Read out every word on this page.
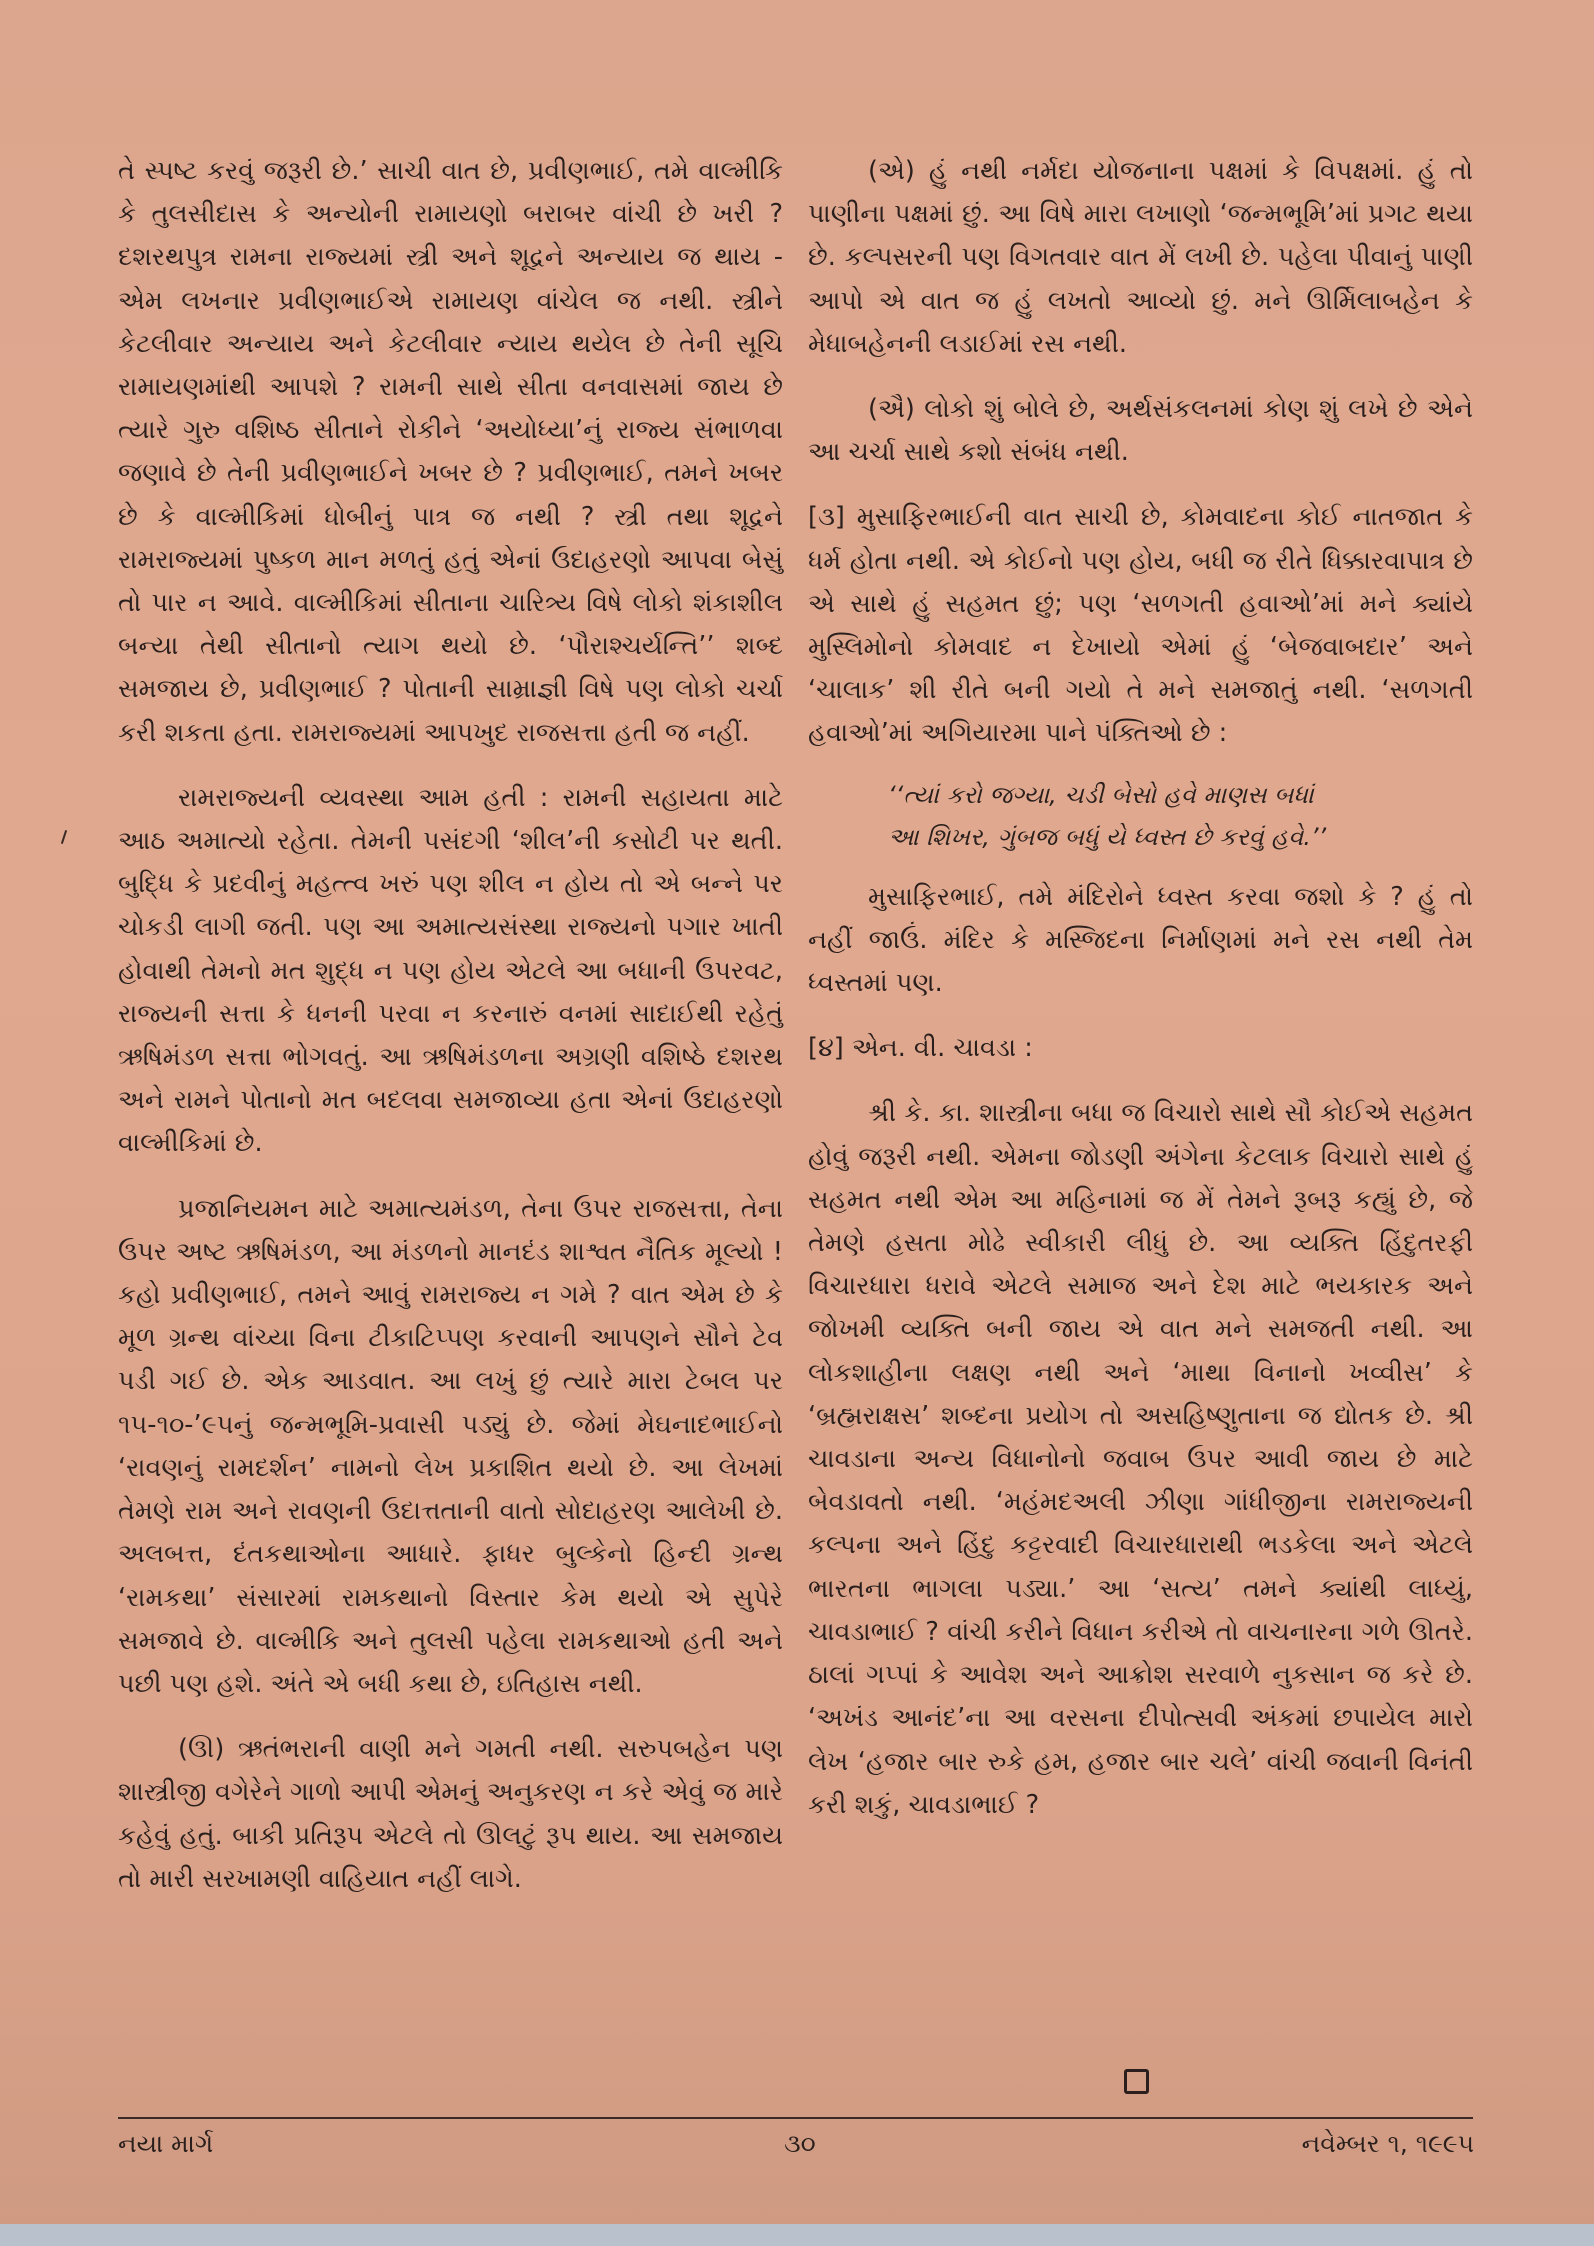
તે સ્પષ્ટ કરવું જરૂરી છે.’ સાચી વાત છે, પ્રવીણભાઈ, તમે વાલ્મીકિ કે તુલસીદાસ કે અન્યોની રામાયણો બરાબર વાંચી છે ખરી ? દશરથપુત્ર રામના રાજ્યમાં સ્ત્રી અને શૂદ્રને અન્યાય જ થાય - એમ લખનાર પ્રવીણભાઈએ રામાયણ વાંચેલ જ નથી. સ્ત્રીને કેટલીવાર અન્યાય અને કેટલીવાર ન્યાય થયેલ છે તેની સૂચિ રામાયણમાંથી આપશે ? રામની સાથે સીતા વનવાસમાં જાય છે ત્યારે ગુરુ વશિષ્ઠ સીતાને રોકીને ‘અયોધ્યા’નું રાજ્ય સંભાળવા જણાવે છે તેની પ્રવીણભાઈને ખબર છે ? પ્રવીણભાઈ, તમને ખબર છે કે વાલ્મીકિમાં ધોબીનું પાત્ર જ નથી ? સ્ત્રી તથા શૂદ્રને રામરાજ્યમાં પુષ્કળ માન મળતું હતું એનાં ઉદાહરણો આપવા બેસું તો પાર ન આવે. વાલ્મીકિમાં સીતાના ચારિત્ર્ય વિષે લોકો શંકાશીલ બન્યા તેથી સીતાનો ત્યાગ થયો છે. ‘પૌરાશ્ચર્યન્તિ’’ શબ્દ સમજાય છે, પ્રવીણભાઈ ? પોતાની સામ્રાજ્ઞી વિષે પણ લોકો ચર્ચા કરી શકતા હતા. રામરાજ્યમાં આપખુદ રાજસત્તા હતી જ નહીં.

રામરાજ્યની વ્યવસ્થા આમ હતી : રામની સહાયતા માટે આઠ અમાત્યો રહેતા. તેમની પસંદગી ‘શીલ’ની કસોટી પર થતી. બુદ્ધિ કે પ્રદવીનું મહત્ત્વ ખરું પણ શીલ ન હોય તો એ બન્ને પર ચોકડી લાગી જતી. પણ આ અમાત્યસંસ્થા રાજ્યનો પગાર ખાતી હોવાથી તેમનો મત શુદ્ધ ન પણ હોય એટલે આ બધાની ઉપરવટ, રાજ્યની સત્તા કે ધનની પરવા ન કરનારું વનમાં સાદાઈથી રહેતું ઋષિમંડળ સત્તા ભોગવતું. આ ઋષિમંડળના અગ્રણી વશિષ્ઠે દશરથ અને રામને પોતાનો મત બદલવા સમજાવ્યા હતા એનાં ઉદાહરણો વાલ્મીકિમાં છે.

પ્રજાનિયમન માટે અમાત્યમંડળ, તેના ઉપર રાજસત્તા, તેના ઉપર અષ્ટ ઋષિમંડળ, આ મંડળનો માનદંડ શાશ્વત નૈતિક મૂલ્યો ! કહો પ્રવીણભાઈ, તમને આવું રામરાજ્ય ન ગમે ? વાત એમ છે કે મૂળ ગ્રન્થ વાંચ્યા વિના ટીકાટિપ્પણ કરવાની આપણને સૌને ટેવ પડી ગઈ છે. એક આડવાત. આ લખું છું ત્યારે મારા ટેબલ પર ૧૫-૧૦-’૯૫નું જન્મભૂમિ-પ્રવાસી પડ્યું છે. જેમાં મેઘનાદભાઈનો ‘રાવણનું રામદર્શન’ નામનો લેખ પ્રકાશિત થયો છે. આ લેખમાં તેમણે રામ અને રાવણની ઉદાત્તતાની વાતો સોદાહરણ આલેખી છે. અલબત્ત, દંતકથાઓના આધારે. ફાધર બુલ્કેનો હિન્દી ગ્રન્થ ‘રામકથા’ સંસારમાં રામકથાનો વિસ્તાર કેમ થયો એ સુપેરે સમજાવે છે. વાલ્મીકિ અને તુલસી પહેલા રામકથાઓ હતી અને પછી પણ હશે. અંતે એ બધી કથા છે, ઇતિહાસ નથી.

(ઊ) ઋતંભરાની વાણી મને ગમતી નથી. સરુપબહેન પણ શાસ્ત્રીજી વગેરેને ગાળો આપી એમનું અનુકરણ ન કરે એવું જ મારે કહેવું હતું. બાકી પ્રતિરૂપ એટલે તો ઊલટું રૂપ થાય. આ સમજાય તો મારી સરખામણી વાહિયાત નહીં લાગે.

(એ) હું નથી નર્મદા યોજનાના પક્ષમાં કે વિપક્ષમાં. હું તો પાણીના પક્ષમાં છું. આ વિષે મારા લખાણો ‘જન્મભૂમિ’માં પ્રગટ થયા છે. કલ્પસરની પણ વિગતવાર વાત મેં લખી છે. પહેલા પીવાનું પાણી આપો એ વાત જ હું લખતો આવ્યો છું. મને ઊર્મિલાબહેન કે મેધાબહેનની લડાઈમાં રસ નથી.

(ઐ) લોકો શું બોલે છે, અર્થસંકલનમાં કોણ શું લખે છે એને આ ચર્ચા સાથે કશો સંબંધ નથી.

[૩] મુસાફિરભાઈની વાત સાચી છે, કોમવાદના કોઈ નાતજાત કે ધર્મ હોતા નથી. એ કોઈનો પણ હોય, બધી જ રીતે ધિક્કારવાપાત્ર છે એ સાથે હું સહમત છું; પણ ‘સળગતી હવાઓ’માં મને ક્યાંયે મુસ્લિમોનો કોમવાદ ન દેખાયો એમાં હું ‘બેજવાબદાર’ અને ‘ચાલાક’ શી રીતે બની ગયો તે મને સમજાતું નથી. ‘સળગતી હવાઓ’માં અગિયારમા પાને પંક્તિઓ છે :

‘‘ત્યાં કરો જગ્યા, ચડી બેસો હવે માણસ બધાં
આ શિખર, ગુંબજ બધું યે ધ્વસ્ત છે કરવું હવે.’’

મુસાફિરભાઈ, તમે મંદિરોને ધ્વસ્ત કરવા જશો કે ? હું તો નહીં જાઉં. મંદિર કે મસ્જિદના નિર્માણમાં મને રસ નથી તેમ ધ્વસ્તમાં પણ.

[૪] એન. વી. ચાવડા :

શ્રી કે. કા. શાસ્ત્રીના બધા જ વિચારો સાથે સૌ કોઈએ સહમત હોવું જરૂરી નથી. એમના જોડણી અંગેના કેટલાક વિચારો સાથે હું સહમત નથી એમ આ મહિનામાં જ મેં તેમને રૂબરૂ કહ્યું છે, જે તેમણે હસતા મોઢે સ્વીકારી લીધું છે. આ વ્યક્તિ હિંદુતરફી વિચારધારા ધરાવે એટલે સમાજ અને દેશ માટે ભયકારક અને જોખમી વ્યક્તિ બની જાય એ વાત મને સમજતી નથી. આ લોકશાહીના લક્ષણ નથી અને ‘માથા વિનાનો ખવ્વીસ’ કે ‘બ્રહ્મરાક્ષસ’ શબ્દના પ્રયોગ તો અસહિષ્ણુતાના જ દ્યોતક છે. શ્રી ચાવડાના અન્ય વિધાનોનો જવાબ ઉપર આવી જાય છે માટે બેવડાવતો નથી. ‘મહંમદઅલી ઝીણા ગાંધીજીના રામરાજ્યની કલ્પના અને હિંદુ કટ્ટરવાદી વિચારધારાથી ભડકેલા અને એટલે ભારતના ભાગલા પડ્યા.’ આ ‘સત્ય’ તમને ક્યાંથી લાધ્યું, ચાવડાભાઈ ? વાંચી કરીને વિધાન કરીએ તો વાચનારના ગળે ઊતરે. ઠાલાં ગપ્પાં કે આવેશ અને આક્રોશ સરવાળે નુકસાન જ કરે છે. ‘અખંડ આનંદ’ના આ વરસના દીપોત્સવી અંકમાં છપાયેલ મારો લેખ ‘હજાર બાર રુકે હમ, હજાર બાર ચલે’ વાંચી જવાની વિનંતી કરી શકું, ચાવડાભાઈ ?

નયા માર્ગ	૩૦	નવેમ્બર ૧, ૧૯૯૫
